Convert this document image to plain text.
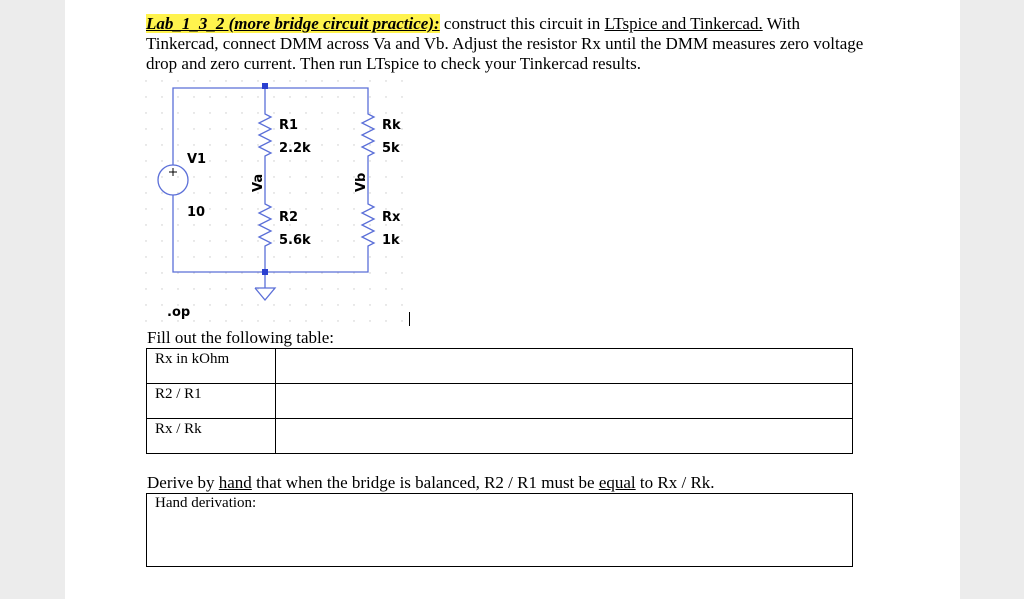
Lab_1_3_2 (more bridge circuit practice): construct this circuit in LTspice and Tinkercad. With Tinkercad, connect DMM across Va and Vb. Adjust the resistor Rx until the DMM measures zero voltage drop and zero current. Then run LTspice to check your Tinkercad results.
V1
10
R1
2.2k
R2
5.6k
Rk
5k
Rx
1k
Va	Vb
.op
Fill out the following table:
Rx in kOhm	
R2 / R1	
Rx / Rk	
Derive by hand that when the bridge is balanced, R2 / R1 must be equal to Rx / Rk.
Hand derivation:
